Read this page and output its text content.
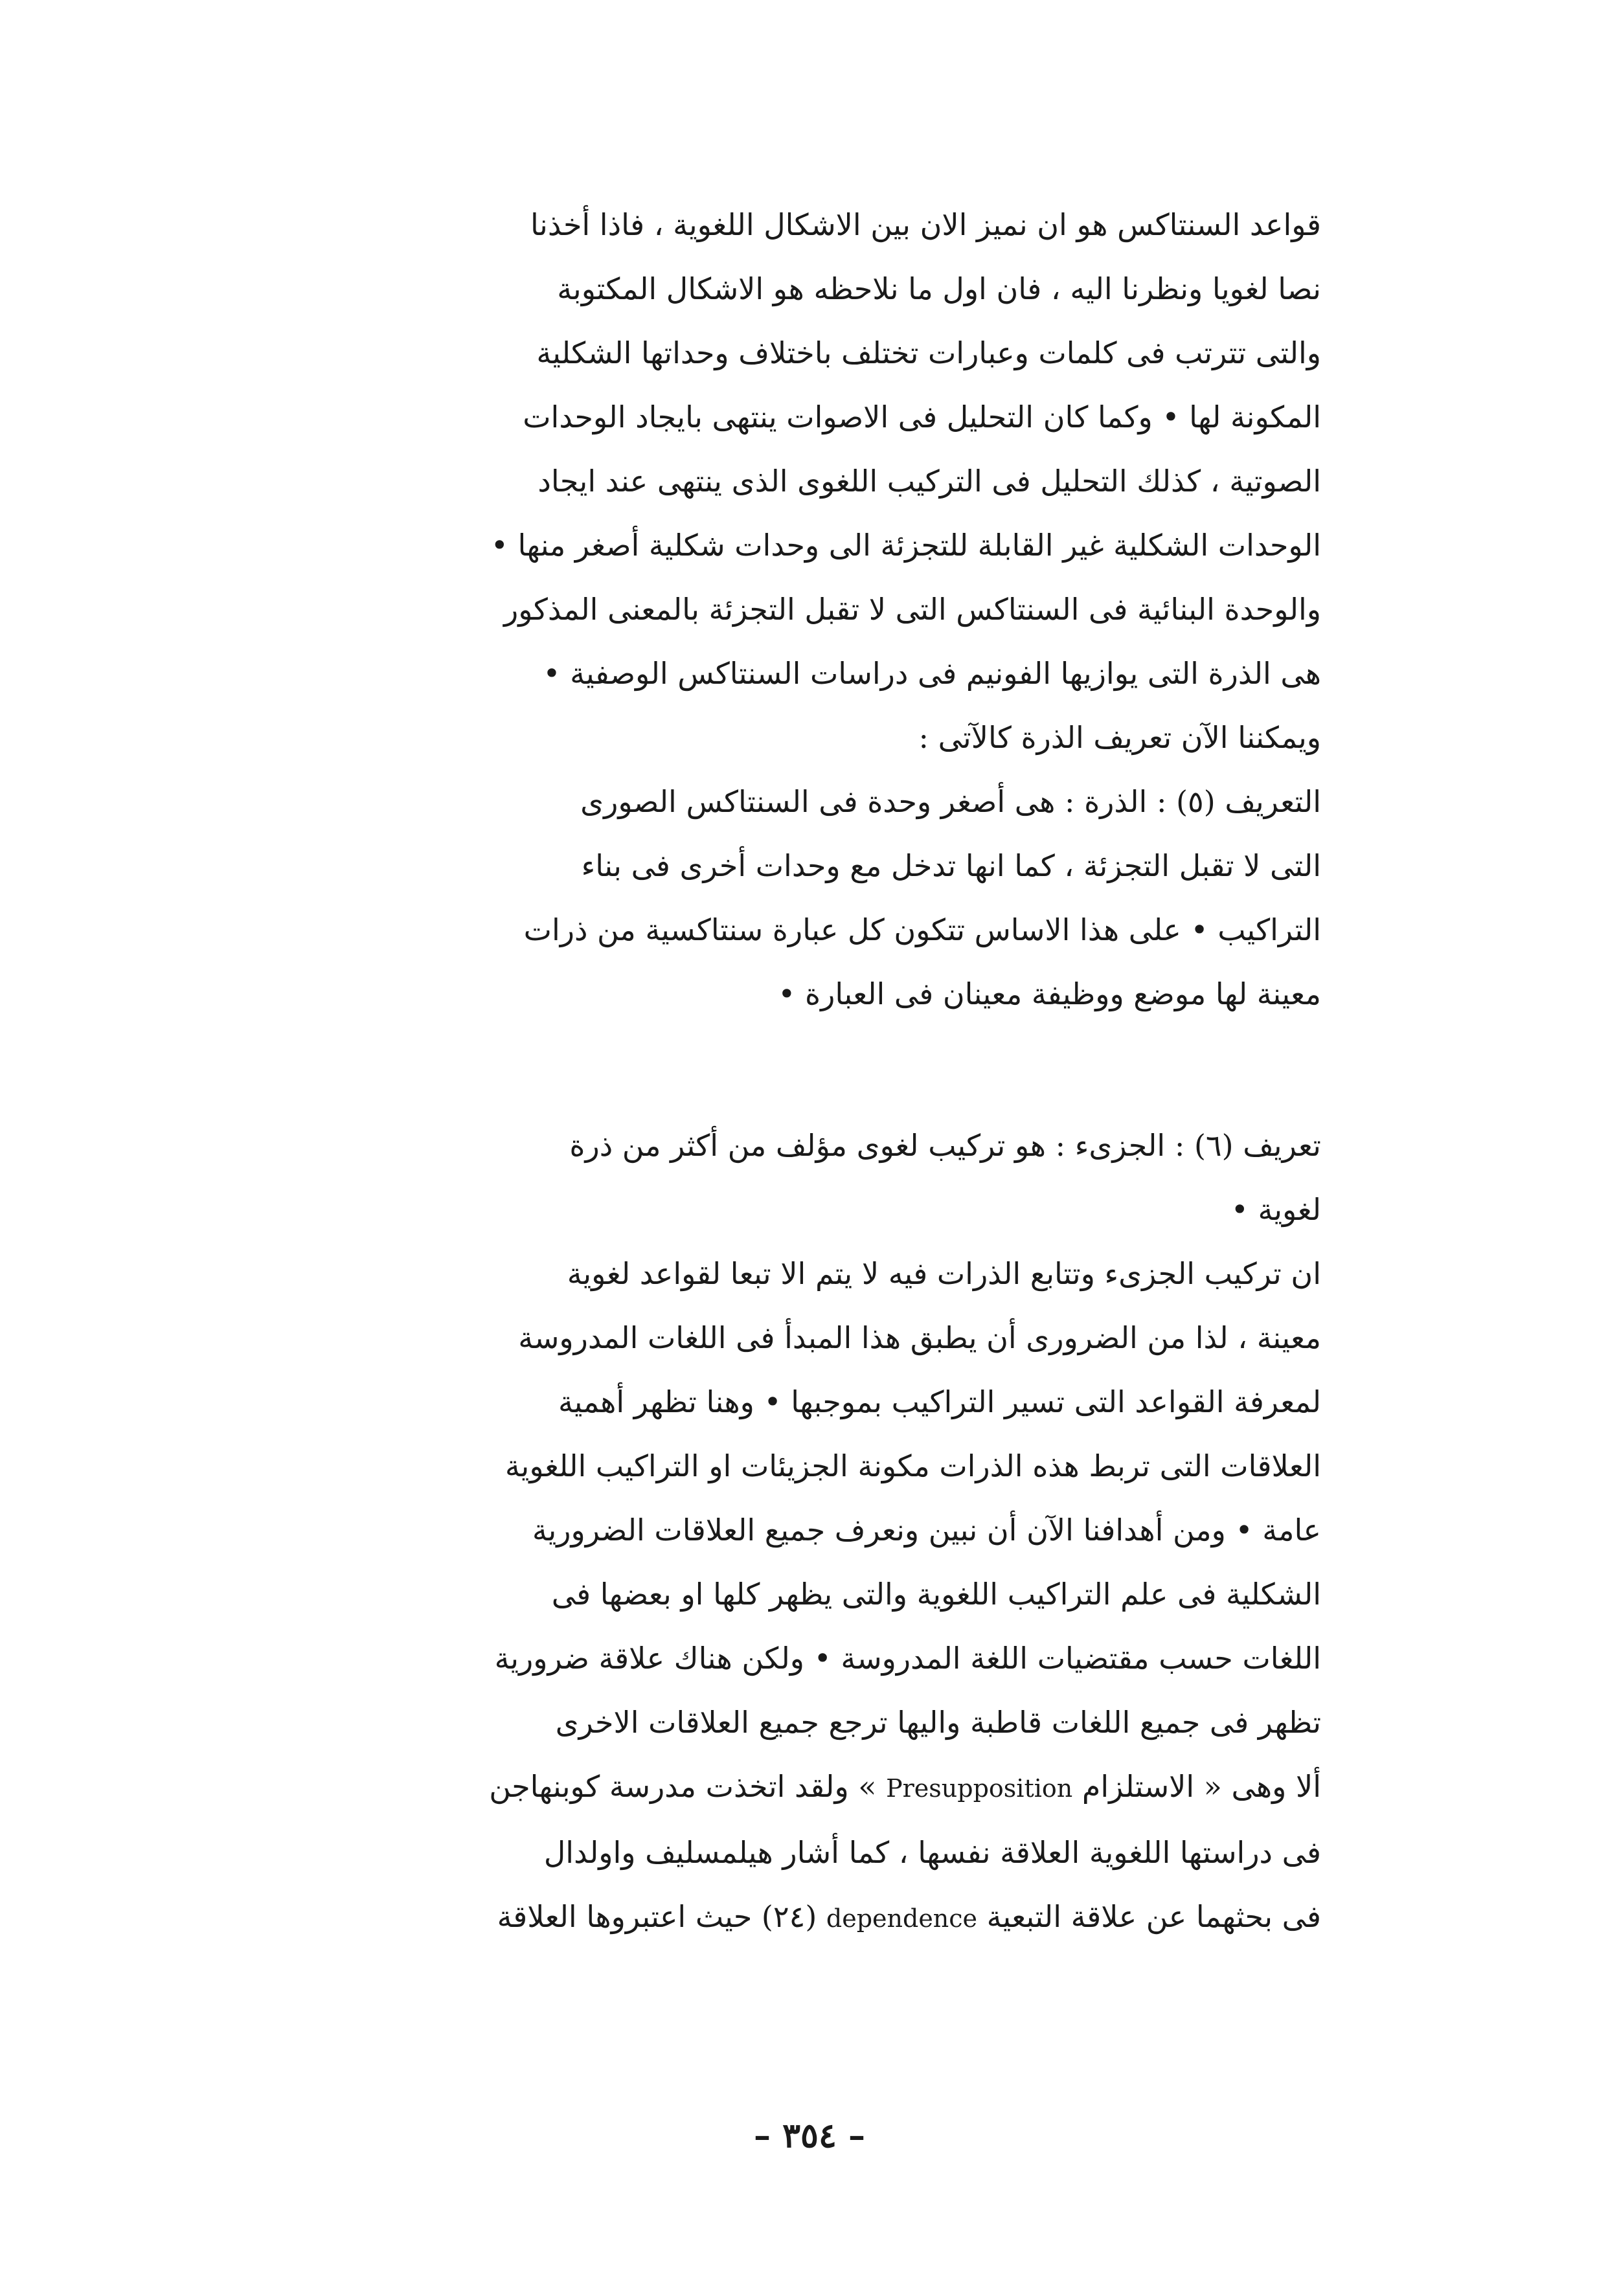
قواعد السنتاكس هو ان نميز الان بين الاشكال اللغوية ، فاذا أخذنا
نصا لغويا ونظرنا اليه ، فان اول ما نلاحظه هو الاشكال المكتوبة
والتى تترتب فى كلمات وعبارات تختلف باختلاف وحداتها الشكلية
المكونة لها • وكما كان التحليل فى الاصوات ينتهى بايجاد الوحدات
الصوتية ، كذلك التحليل فى التركيب اللغوى الذى ينتهى عند ايجاد
الوحدات الشكلية غير القابلة للتجزئة الى وحدات شكلية أصغر منها •
والوحدة البنائية فى السنتاكس التى لا تقبل التجزئة بالمعنى المذكور
هى الذرة التى يوازيها الفونيم فى دراسات السنتاكس الوصفية •
ويمكننا الآن تعريف الذرة كالآتى :
التعريف (٥) : الذرة : هى أصغر وحدة فى السنتاكس الصورى
التى لا تقبل التجزئة ، كما انها تدخل مع وحدات أخرى فى بناء
التراكيب • على هذا الاساس تتكون كل عبارة سنتاكسية من ذرات
معينة لها موضع ووظيفة معينان فى العبارة •
تعريف (٦) : الجزىء : هو تركيب لغوى مؤلف من أكثر من ذرة
لغوية •
ان تركيب الجزىء وتتابع الذرات فيه لا يتم الا تبعا لقواعد لغوية
معينة ، لذا من الضرورى أن يطبق هذا المبدأ فى اللغات المدروسة
لمعرفة القواعد التى تسير التراكيب بموجبها • وهنا تظهر أهمية
العلاقات التى تربط هذه الذرات مكونة الجزيئات او التراكيب اللغوية
عامة • ومن أهدافنا الآن أن نبين ونعرف جميع العلاقات الضرورية
الشكلية فى علم التراكيب اللغوية والتى يظهر كلها او بعضها فى
اللغات حسب مقتضيات اللغة المدروسة • ولكن هناك علاقة ضرورية
تظهر فى جميع اللغات قاطبة واليها ترجع جميع العلاقات الاخرى
ألا وهى « الاستلزام Presupposition » ولقد اتخذت مدرسة كوبنهاجن
فى دراستها اللغوية العلاقة نفسها ، كما أشار هيلمسليف واولدال
فى بحثهما عن علاقة التبعية dependence (٢٤) حيث اعتبروها العلاقة
– ٣٥٤ –
